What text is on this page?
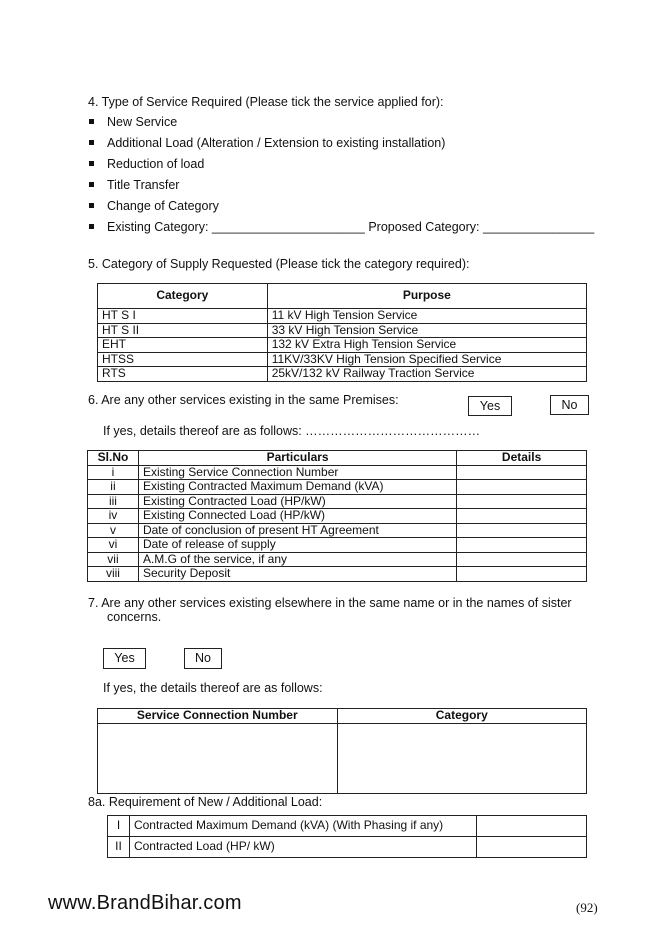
4. Type of Service Required (Please tick the service applied for):
New Service
Additional Load (Alteration / Extension to existing installation)
Reduction of load
Title Transfer
Change of Category
Existing Category: ______________________ Proposed Category: ________________
5. Category of Supply Requested (Please tick the category required):
Category	Purpose
HT S I	11 kV High Tension Service
HT S II	33 kV High Tension Service
EHT	132 kV Extra High Tension Service
HTSS	11KV/33KV High Tension Specified Service
RTS	25kV/132 kV Railway Traction Service
6. Are any other services existing in the same Premises:	Yes	No
If yes, details thereof are as follows: ……………………………………
Sl.No	Particulars	Details
i	Existing Service Connection Number	
ii	Existing Contracted Maximum Demand (kVA)	
iii	Existing Contracted Load (HP/kW)	
iv	Existing Connected Load (HP/kW)	
v	Date of conclusion of present HT Agreement	
vi	Date of release of supply	
vii	A.M.G of the service, if any	
viii	Security Deposit	
7. Are any other services existing elsewhere in the same name or in the names of sister
concerns.
Yes	No
If yes, the details thereof are as follows:
Service Connection Number	Category

8a. Requirement of New / Additional Load:
I	Contracted Maximum Demand (kVA) (With Phasing if any)	
II	Contracted Load (HP/ kW)	
www.BrandBihar.com	(92)
